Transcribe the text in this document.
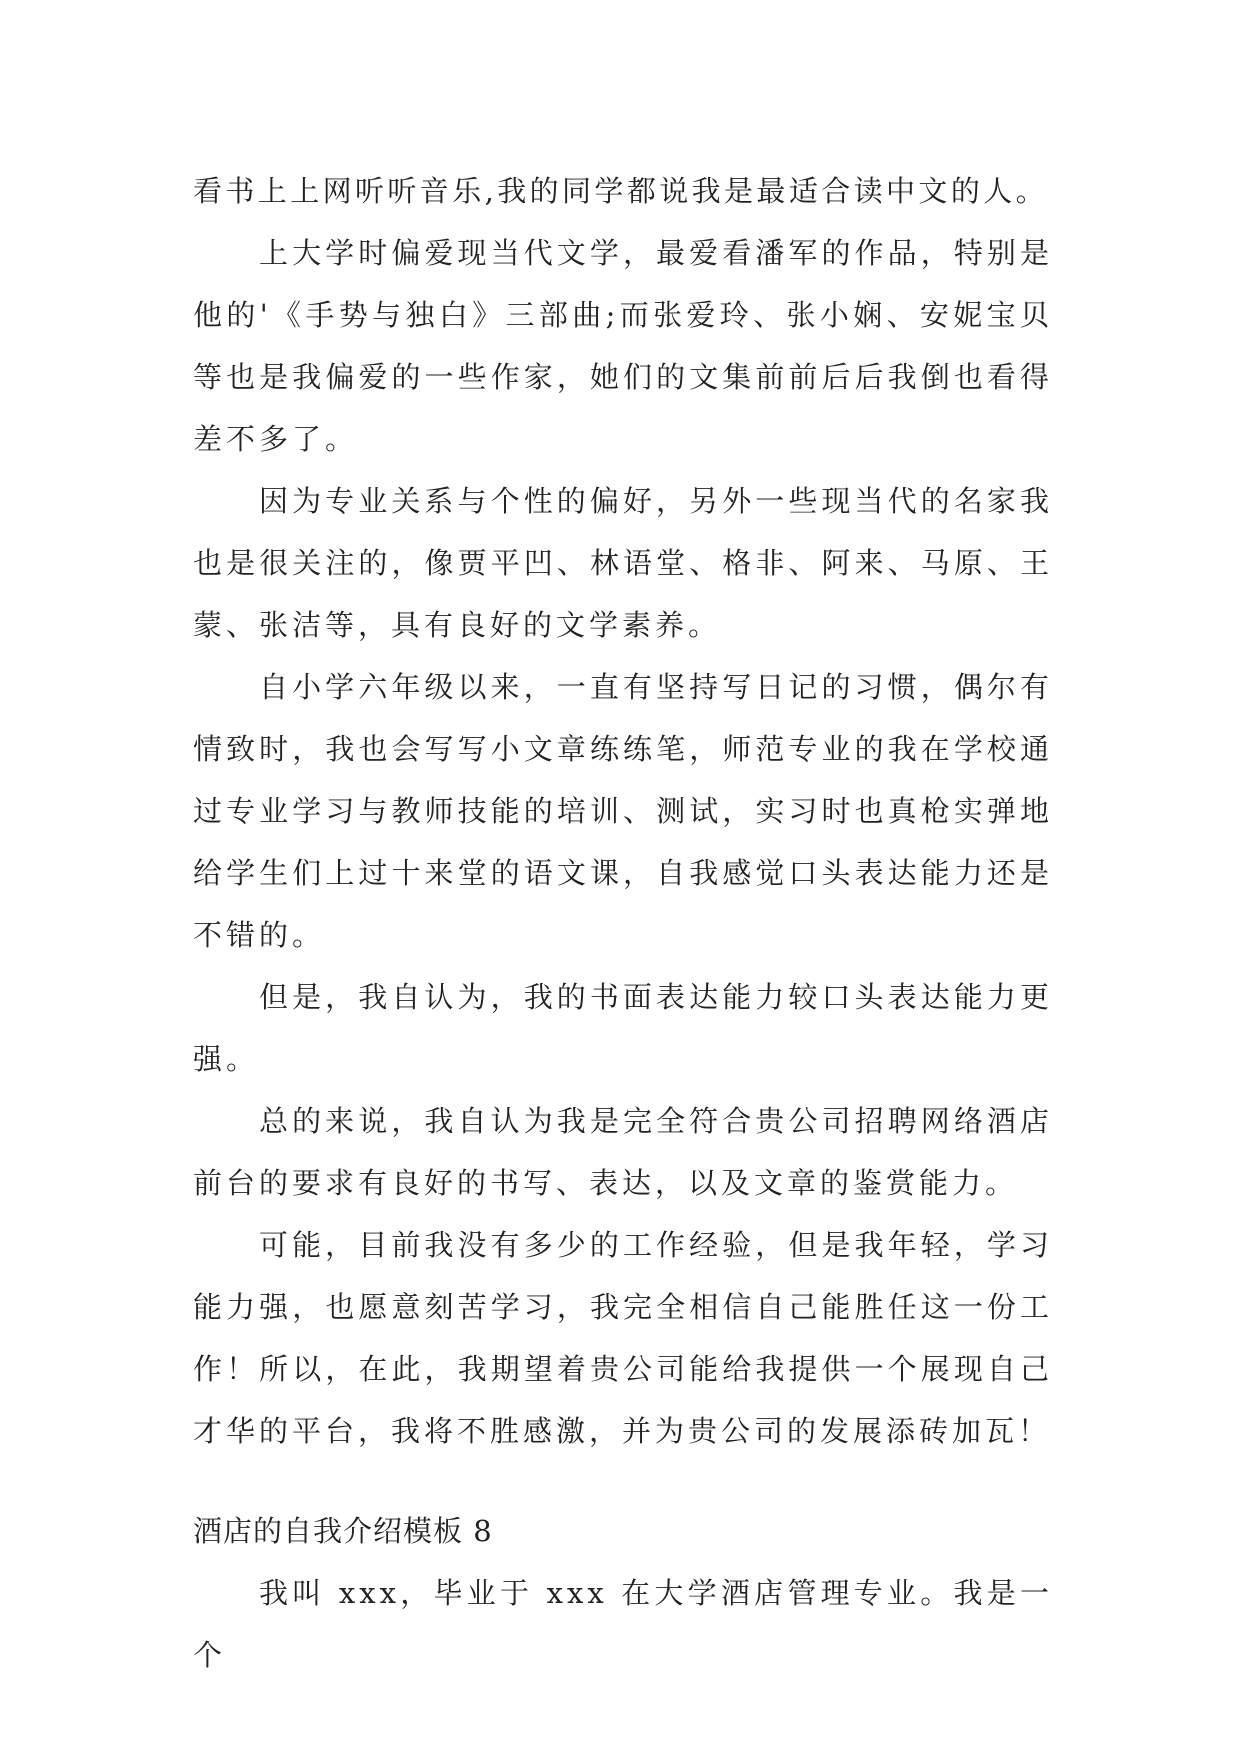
看书上上网听听音乐,我的同学都说我是最适合读中文的人。

上大学时偏爱现当代文学，最爱看潘军的作品，特别是他的'《手势与独白》三部曲;而张爱玲、张小娴、安妮宝贝等也是我偏爱的一些作家，她们的文集前前后后我倒也看得差不多了。

因为专业关系与个性的偏好，另外一些现当代的名家我也是很关注的，像贾平凹、林语堂、格非、阿来、马原、王蒙、张洁等，具有良好的文学素养。

自小学六年级以来，一直有坚持写日记的习惯，偶尔有情致时，我也会写写小文章练练笔，师范专业的我在学校通过专业学习与教师技能的培训、测试，实习时也真枪实弹地给学生们上过十来堂的语文课，自我感觉口头表达能力还是不错的。

但是，我自认为，我的书面表达能力较口头表达能力更强。

总的来说，我自认为我是完全符合贵公司招聘网络酒店前台的要求有良好的书写、表达，以及文章的鉴赏能力。

可能，目前我没有多少的工作经验，但是我年轻，学习能力强，也愿意刻苦学习，我完全相信自己能胜任这一份工作！所以，在此，我期望着贵公司能给我提供一个展现自己才华的平台，我将不胜感激，并为贵公司的发展添砖加瓦！

酒店的自我介绍模板 8

我叫 xxx，毕业于 xxx 在大学酒店管理专业。我是一个
